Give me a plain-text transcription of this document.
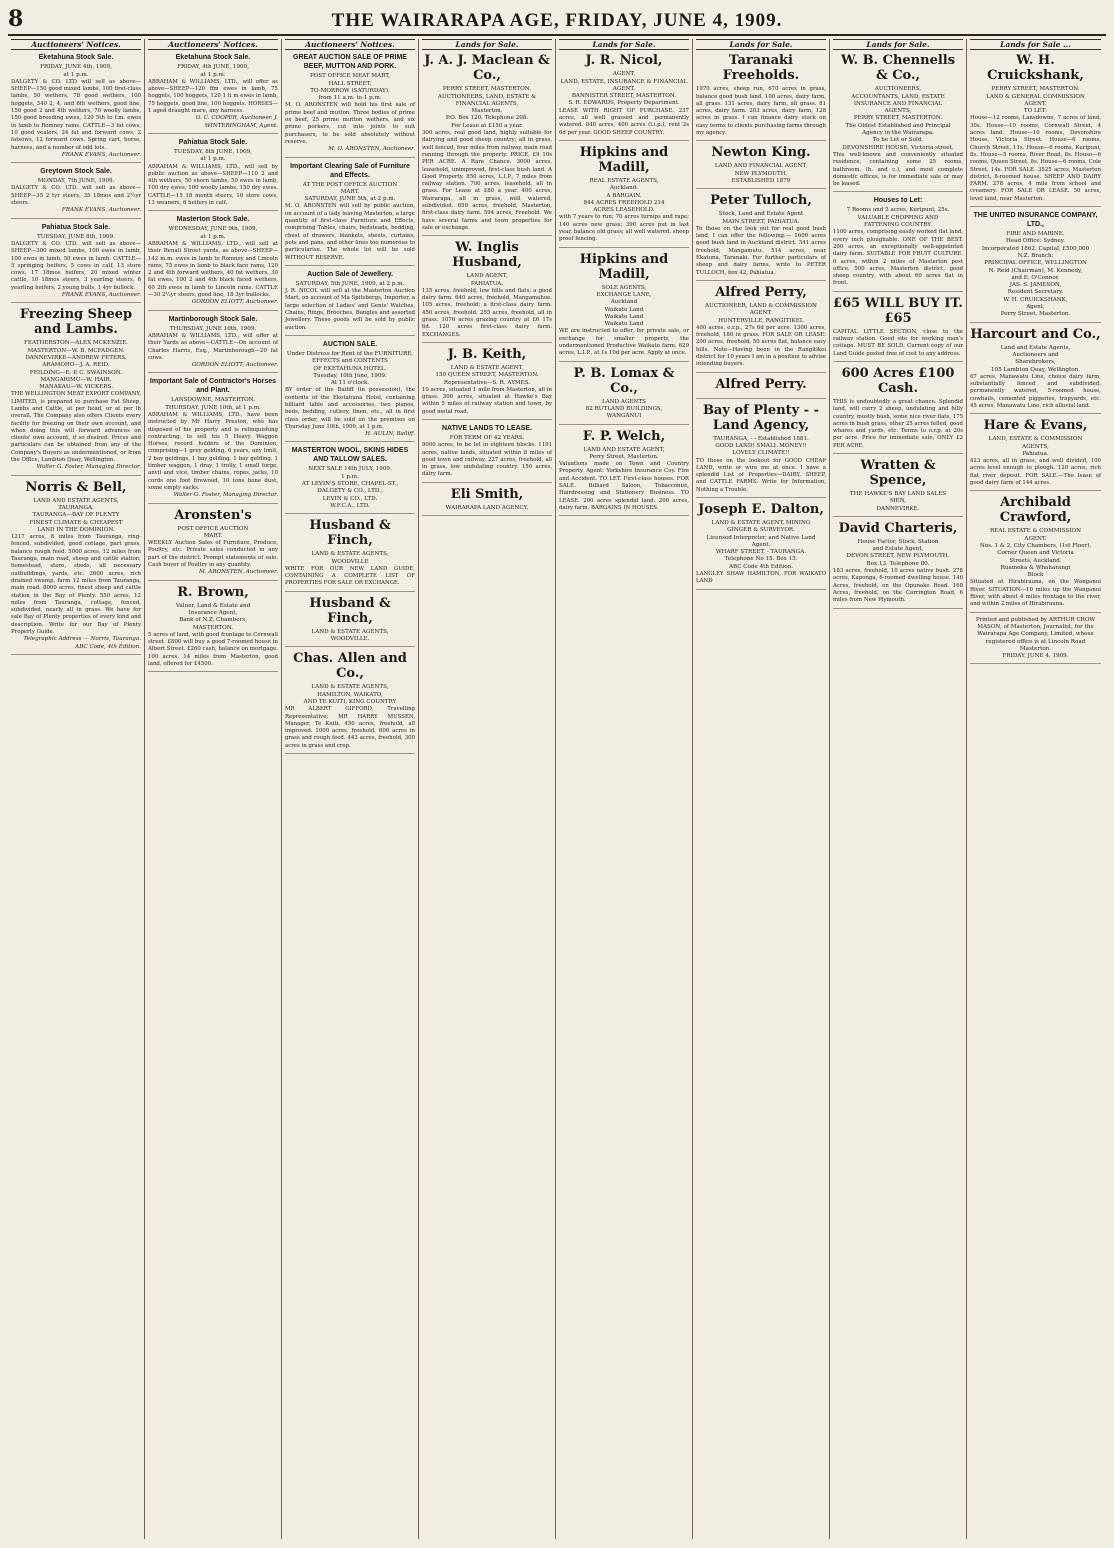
8	THE WAIRARAPA AGE, FRIDAY, JUNE 4, 1909.
Auctioneers' Notices.
Eketahuna Stock Sale.
FRIDAY, JUNE 4th, 1909,
at 1 p.m.
DALGETY & CO. LTD will sell as above—SHEEP—150 good mixed lambs, 100 first-class lambs, 50 wethers, 78 good wethers, 100 hoggets, 340 2, 4, and 6th wethers, good line, 150 good 2 and 4th wethers, 70 woolly lambs, 150 good breeding ewes, 120 5th to f.m. ewes in lamb to Romney rams. CATTLE—3 fat cows, 10 good vealers, 24 fat and forward cows, 2 fatsows, 12 forward cows. Spring cart, horse, harness, and a number of odd lots.
FRANK EVANS, Auctioneer.
Greytown Stock Sale.
MONDAY, 7th JUNE, 1909.
DALGETY & CO. LTD. will sell as above—SHEEP—35 2 tyr steers, 35 18mos and 2½yr steers.
FRANK EVANS, Auctioneer.
Pahiatua Stock Sale.
TUESDAY, JUNE 8th, 1909.
DALGETY & CO. LTD. will sell as above—SHEEP—300 mixed lambs, 100 ewes in lamb, 100 ewes in lamb, 50 ewes in lamb. CATTLE—5 springing heifers, 5 cows in calf, 13 store cows, 17 18mos heifers, 20 mixed winter cattle, 10 18mos steers, 3 yearling steers, 6 yearling heifers, 2 young bulls, 1 4yr bullock.
FRANK EVANS, Auctioneer.
Freezing Sheep and Lambs.
FEATHERSTON—ALEX MCKENZIE.
MASTERTON—W. B. MCFADGEN.
DANNEVIRKE—ANDREW FETERS.
ARAMOHO—J. A. REID.
FEILDING—E. P. C. SWAINSON.
MANGARIMU—W. HAIR.
MANAKAU—W. VICKERS.
THE WELLINGTON MEAT EXPORT COMPANY, LIMITED, is prepared to purchase Fat Sheep, Lambs and Cattle, at per head, or at per lb overall. The Company also offers Clients every facility for freezing on their own account, and when doing this will forward advances on clients' own account, if so desired. Prices and particulars can be obtained from any of the Company's Buyers as undermentioned, or from the Office, Lambton Quay, Wellington.
Walter G. Foster, Managing Director.
Norris & Bell,
LAND AND ESTATE AGENTS,
TAURANGA.
TAURANGA—BAY OF PLENTY
FINEST CLIMATE & CHEAPEST
LAND IN THE DOMINION.
1217 acres, 8 miles from Tauranga, ring-fenced, subdivided, good cottage, part grass, balance rough feed. 5000 acres, 12 miles from Tauranga, main road, sheep and cattle station, homestead, store, sheds, all necessary outbuildings, yards, etc. 3600 acres, rich drained swamp, farm 12 miles from Tauranga, main road. 8000 acres, finest sheep and cattle station in the Bay of Plenty. 550 acres, 12 miles from Tauranga, cottage, fenced, subdivided, nearly all in grass. We have for sale Bay of Plenty properties of every kind and description. Write for our Bay of Plenty Property Guide.
Telegraphic Address — Norris, Tauranga. ABC Code, 4th Edition.
Auctioneers' Notices.
Eketahuna Stock Sale.
FRIDAY, 4th JUNE, 1909,
at 1 p.m.
ABRAHAM & WILLIAMS, LTD., will offer as above—SHEEP—120 ffm ewes in lamb, 75 hoggets, 100 hoggets, 120 1 ti m ewes in lamb, 75 hoggets, good line, 100 hoggets. HORSES—1 aged draught mare, any harness.
O. C. COOPER, Auctioneer. J. WINTERINGHAM, Agent.
Pahiatua Stock Sale.
TUESDAY, 8th JUNE, 1909,
at 1 p.m.
ABRAHAM & WILLIAMS, LTD., will sell by public auction as above—SHEEP—110 2 and 4th wethers, 50 shorn lambs, 50 ewes in lamb, 100 dry ewes, 100 woolly lambs, 150 dry ewes. CATTLE—15 18 month steers, 10 store cows, 13 weaners, 6 heifers in calf.
Masterton Stock Sale.
WEDNESDAY, JUNE 9th, 1909,
at 1 p.m.
ABRAHAM & WILLIAMS, LTD., will sell at their Renall Street yards, as above—SHEEP—142 m.m. ewes in lamb to Romney and Lincoln rams, 75 ewes in lamb to black face rams, 120 2 and 4th forward wethers, 40 fat wethers, 30 fat ewes, 100 2 and 4th black faced wethers, 60 2th ewes in lamb to Lincoln rams. CATTLE—30 2½yr steers, good line, 18 3yr bullocks.
GORDON ELIOTT, Auctioneer.
Martinborough Stock Sale.
THURSDAY, JUNE 10th, 1909.
ABRAHAM & WILLIAMS, LTD., will offer at their Yards as above—CATTLE—On account of Charles Harris, Esq., Martinborough—20 fat cows.
GORDON ELIOTT, Auctioneer.
Important Sale of Contractor's Horses and Plant.
LANSDOWNE, MASTERTON.
THURSDAY, JUNE 10th, at 1 p.m.
ABRAHAM & WILLIAMS, LTD., have been instructed by Mr Harry Preston, who has disposed of his property and is relinquishing contracting, to sell his 5 Heavy Waggon Horses, record holders of the Dominion, comprising—1 grey gelding, 6 years, any limit, 2 bay geldings, 1 bay gelding, 1 bay gelding, 1 timber waggon, 1 dray, 1 trolly, 1 small forge, anvil and vice, timber chains, ropes, jacks, 10 cords one foot firewood, 10 tons bone dust, some empty sacks.
Walter G. Foster, Managing Director.
Aronsten's
POST OFFICE AUCTION
MART.
WEEKLY Auction Sales of Furniture, Produce, Poultry, etc. Private sales conducted in any part of the district. Prompt statements of sale. Cash buyer of Poultry in any quantity.
M. ARONSTEN, Auctioneer.
R. Brown,
Valuer, Land & Estate and
Insurance Agent,
Bank of N.Z. Chambers,
MASTERTON.
5 acres of land, with good frontage to Cornwall street. £800 will buy a good 7-roomed house in Albert Street. £260 cash, balance on mortgage. 100 acres, 14 miles from Masterton, good land, offered for £4500.
Auctioneers' Notices.
GREAT AUCTION SALE OF PRIME BEEF, MUTTON AND PORK.
POST OFFICE MEAT MART,
HALL STREET.
TO-MORROW (SATURDAY).
from 11 a.m. to 1 p.m.
M. O. ARONSTEN will hold his first sale of prime beef and mutton. Three bodies of prime ox beef, 25 prime mutton wethers, and six prime porkers, cut into joints to suit purchasers, to be sold absolutely without reserve.
M. O. ARONSTEN, Auctioneer.
Important Clearing Sale of Furniture and Effects.
AT THE POST OFFICE AUCTION
MART.
SATURDAY, JUNE 5th, at 2 p.m.
M. O. ARONSTEN will sell by public auction, on account of a lady leaving Masterton, a large quantity of first-class Furniture and Effects, comprising Tables, chairs, bedsteads, bedding, chest of drawers, blankets, sheets, curtains, pots and pans, and other lines too numerous to particularise. The whole lot will be sold WITHOUT RESERVE.
Auction Sale of Jewellery.
SATURDAY, 5th JUNE, 1909, at 2 p.m.
J. R. NICOL will sell at the Masterton Auction Mart, on account of Ma Spitsbergs, Importer, a large selection of Ladies' and Gents' Watches, Chains, Rings, Brooches, Bangles and assorted Jewellery. These goods will be sold by public auction.
AUCTION SALE.
Under Distress for Rent of the FURNITURE, EFFECTS and CONTENTS
OF EKETAHUNA HOTEL.
Tuesday, 10th June, 1909.
At 11 o'clock.
BY order of the Bailiff (in possession), the contents of the Eketahuna Hotel, containing billiard table and accessories, two pianos, beds, bedding, cutlery, linen, etc., all in first class order, will be sold on the premises on Thursday June 10th, 1909, at 1 p.m.
H. AULIN, Bailiff.
MASTERTON WOOL, SKINS HIDES AND TALLOW SALES.
NEXT SALE 14th JULY, 1909.
1 p.m.
AT LEVIN'S STORE, CHAPEL-ST.,
DALGETY & CO., LTD.,
LEVIN & CO., LTD.
W.F.C.A., LTD.
Husband & Finch,
LAND & ESTATE AGENTS,
WOODVILLE
WRITE FOR OUR NEW LAND GUIDE, CONTAINING A COMPLETE LIST OF PROPERTIES FOR SALE OR EXCHANGE.
Husband & Finch,
LAND & ESTATE AGENTS,
WOODVILLE.
Chas. Allen and Co.,
LAND & ESTATE AGENTS,
HAMILTON, WAIKATO,
AND TE KUITI, KING COUNTRY
MR ALBERT GIFFORD, Travelling Representative; MR HARRY MUSSEN, Manager, Te Kuiti. 450 acres, freehold, all improved. 1000 acres, freehold, 800 acres in grass and rough feed. 443 acres, freehold, 300 acres in grass and crop.
Lands for Sale.
J. A. J. Maclean & Co.,
PERRY STREET, MASTERTON.
AUCTIONEERS, LAND, ESTATE &
FINANCIAL AGENTS,
Masterton.
P.O. Box 120. Telephone 208.
For Lease at £150 a year.
300 acres, real good land, highly suitable for dairying and good sheep country; all in grass, well fenced, four miles from railway, main road running through the property. PRICE, £9 10s PER ACRE. A Rare Chance. 3000 acres, leasehold, unimproved, first-class bush land. A Good Property. 850 acres, L.I.P., 7 miles from railway station. 700 acres, leasehold, all in grass. For Lease at £80 a year. 400 acres, Wairarapa, all in grass, well watered, subdivided. 650 acres, freehold, Masterton, first-class dairy farm. 594 acres, Freehold. We have several farms and town properties for sale or exchange.
W. Inglis Husband,
LAND AGENT,
PAHIATUA.
135 acres, freehold, low hills and flats; a good dairy farm. 640 acres, freehold, Mangamahoe. 105 acres, freehold; a first-class dairy farm. 450 acres, freehold. 255 acres, freehold, all in grass. 1076 acres grazing country at £6 17s 6d. 120 acres first-class dairy farm. EXCHANGES.
J. B. Keith,
LAND & ESTATE AGENT,
150 QUEEN STREET, MASTERTON.
Representative—S. R. AYMES.
10 acres, situated 1 mile from Masterton, all in grass. 300 acres, situated at Hawke's Bay within 5 miles of railway station and town, by good metal road.
NATIVE LANDS TO LEASE.
FOR TERM OF 42 YEARS.
9000 acres, to be let in eighteen blocks. 1191 acres, native lands, situated within 8 miles of good town and railway. 227 acres, freehold, all in grass, low undulating country. 150 acres, dairy farm.
Eli Smith,
WAIRARAPA LAND AGENCY,
Lands for Sale.
J. R. Nicol,
AGENT,
LAND, ESTATE, INSURANCE & FINANCIAL
AGENT.
BANNISTER STREET, MASTERTON.
S. R. EDWARDS, Property Department.
LEASE WITH RIGHT OF PURCHASE. 237 acres, all well grassed and permanently watered. 840 acres, 400 acres (l.i.p.), rent 2s 6d per year. GOOD SHEEP COUNTRY.
Hipkins and Madill,
REAL ESTATE AGENTS,
Auckland.
A BARGAIN.
844 ACRES FREEHOLD 214
ACRES LEASEHOLD.
with 7 years to run; 70 acres turnips and rape; 140 acres new grass; 390 acres put in last year, balance old grass; all well watered, sheep proof fencing.
Hipkins and Madill,
SOLE AGENTS,
EXCHANGE LANE,
Auckland
Waikato Land
Waikato Land
Waikato Land
WE are instructed to offer, for private sale, or exchange for smaller property, the undermentioned Productive Waikato farm. 629 acres, L.I.P., at 1s 10d per acre. Apply at once.
P. B. Lomax & Co.,
LAND AGENTS
82 RUTLAND BUILDINGS,
WANGANUI
F. P. Welch,
LAND AND ESTATE AGENT,
Perry Street, Masterton.
Valuations made on Town and Country Property. Agent: Yorkshire Insurance Coy. Fire and Accident. TO LET. First-class houses. FOR SALE. Billiard Saloon, Tobacconist, Hairdressing and Stationery Business. TO LEASE. 200 acres splendid land. 200 acres, dairy farm. BARGAINS IN HOUSES.
Lands for Sale.
Taranaki Freeholds.
1970 acres, sheep run, 670 acres in grass, balance good bush land. 100 acres, dairy farm, all grass. 131 acres, dairy farm, all grass. 81 acres, dairy farm. 203 acres, dairy farm, 128 acres in grass. I can finance dairy stock on easy terms to clients purchasing farms through my agency.
Newton King.
LAND AND FINANCIAL AGENT,
NEW PLYMOUTH.
ESTABLISHED 1879
Peter Tulloch,
Stock, Land and Estate Agent
MAIN STREET, PAHIATUA.
To those on the look out for real good bush land, I can offer the following:— 1600 acres good bush land in Auckland district. 541 acres freehold, Mangamutu. 514 acres, near Ekatuna, Taranaki. For further particulars of sheep and dairy farms, write to PETER TULLOCH, box 42, Pahiatua.
Alfred Perry,
AUCTIONEER, LAND & COMMISSION
AGENT.
HUNTERVILLE, RANGITIKEI.
400 acres, o.r.p., 27s 6d per acre. 1300 acres, freehold, 180 in grass. FOR SALE OR LEASE: 200 acres, freehold, 50 acres flat, balance easy hills. Note—Having been in the Rangitikei district for 10 years I am in a position to advise intending buyers.
Alfred Perry.
Bay of Plenty - - Land Agency,
TAURANGA, - - Established 1881.
GOOD LAND! SMALL MONEY!!
LOVELY CLIMATE!!
TO those on the lookout for GOOD CHEAP LAND, write or wire me at once. I have a splendid List of Properties—DAIRY, SHEEP, and CATTLE FARMS. Write for Information, Nothing a Trouble.
Joseph E. Dalton,
LAND & ESTATE AGENT, MINING
GINGER & SURVEYOR.
Licensed Interpreter, and Native Land
Agent.
WHARF STREET, - TAURANGA.
Telephone No 15. Box 15.
ABC Code 4th Edition.
LANGLEY SHAW HAMILTON, FOR WAIKATO LAND
Lands for Sale.
W. B. Chennells & Co.,
AUCTIONEERS,
ACCOUNTANTS, LAND, ESTATE
INSURANCE AND FINANCIAL
AGENTS,
PERRY STREET, MASTERTON.
The Oldest Established and Principal
Agency in the Wairarapa.
To be Let or Sold.
DEVONSHIRE HOUSE, Victoria-street.
This well-known and conveniently situated residence, containing some 25 rooms, bathroom, (h. and c.), and most complete domestic offices, is for immediate sale or may be leased.
Houses to Let:
7 Rooms and 5 acres, Kuripuni, 25s.
VALUABLE CROPPING AND
FATTENING COUNTRY.
1100 acres, comprising easily worked flat land, every inch ploughable. ONE OF THE BEST. 200 acres, an exceptionally well-appointed dairy farm. SUITABLE FOR FRUIT CULTURE. 6 acres, within 2 miles of Masterton post office. 500 acres, Masterton district, good sheep country, with about 60 acres flat in front.
£65 WILL BUY IT. £65
CAPITAL LITTLE SECTION, close to the railway station. Good site for working man's cottage. MUST BE SOLD. Current copy of our Land Guide posted free of cost to any address.
600 Acres £100 Cash.
THIS is undoubtedly a great chance. Splendid land, will carry 2 sheep, undulating and hilly country, mostly bush, some nice river flats, 175 acres in bush grass, other 25 acres felled, good whares and yards, etc. Terms to o.r.p. at 20s per acre. Price for immediate sale, ONLY £2 PER ACRE.
Wratten & Spence,
THE HAWKE'S BAY LAND SALES
MEN,
DANNEVIRKE.
David Charteris,
House Factor, Stock, Station
and Estate Agent,
DEVON STREET, NEW PLYMOUTH.
Box 13. Telephone 80.
183 acres, freehold, 10 acres native bush. 278 acres, Kaponga, 6-roomed dwelling house. 146 Acres, freehold, on the Opunake Road. 168 Acres, freehold, on the Carrington Road, 6 miles from New Plymouth.
Lands for Sale ...
W. H. Cruickshank,
PERRY STREET, MASTERTON.
LAND & GENERAL COMMISSION
AGENT.
TO LET:
House—12 rooms, Lansdowne, 7 acres of land, 30s. House—10 rooms, Cornwall Street, 4 acres land. House—10 rooms, Devonshire House, Victoria Street. House—6 rooms, Church Street, 11s. House—6 rooms, Kuripuni, 8s. House—5 rooms, River Road, 8s. House—6 rooms, Queen Street, 8s. House—6 rooms, Cole Street, 14s. FOR SALE. 3525 acres, Masterton district, 8-roomed house. SHEEP AND DAIRY FARM. 278 acres, 4 mile from school and creamery. FOR SALE OR LEASE. 50 acres, level land, near Masterton.
THE UNITED INSURANCE COMPANY, LTD.,
FIRE AND MARINE.
Head Office: Sydney.
Incorporated 1862. Capital, £500,000
N.Z. Branch:
PRINCIPAL OFFICE, WELLINGTON
N. Reid (Chairman), M. Kennedy,
and E. O'Connor.
JAS. S. JAMESON,
Resident Secretary.
W. H. CRUICKSHANK,
Agent,
Perry Street, Masterton.
Harcourt and Co.,
Land and Estate Agents,
Auctioneers and
Sharebrokers,
105 Lambton Quay, Wellington.
67 acres, Manawatu Line, choice dairy farm, substantially fenced and subdivided, permanently watered, 5-roomed house, cowbails, cemented piggeries, trapyards, etc. 45 acres, Manawatu Line, rich alluvial land.
Hare & Evans,
LAND, ESTATE & COMMISSION
AGENTS,
Pahiatua.
423 acres, all in grass, and well divided, 100 acres level enough to plough. 120 acres, rich flat river deposit. FOR SALE.—The lease of good dairy farm of 144 acres.
Archibald Crawford,
REAL ESTATE & COMMISSION
AGENT.
Nos. 1 & 2, City Chambers, (1st Floor).
Corner Queen and Victoria
Streets, Auckland.
Ruameka & Whaharangi
Block
Situated at Hirabirauna, on the Wanganui River. SITUATION—10 miles up the Wanganui River, with about 4 miles frontage to the river, and within 2 miles of Hirabirauna.
Printed and published by ARTHUR CROW MASON, of Masterton, Journalist, for the Wairarapa Age Company, Limited, whose registered office is at Lincoln Road Masterton.
FRIDAY, JUNE 4, 1909.
